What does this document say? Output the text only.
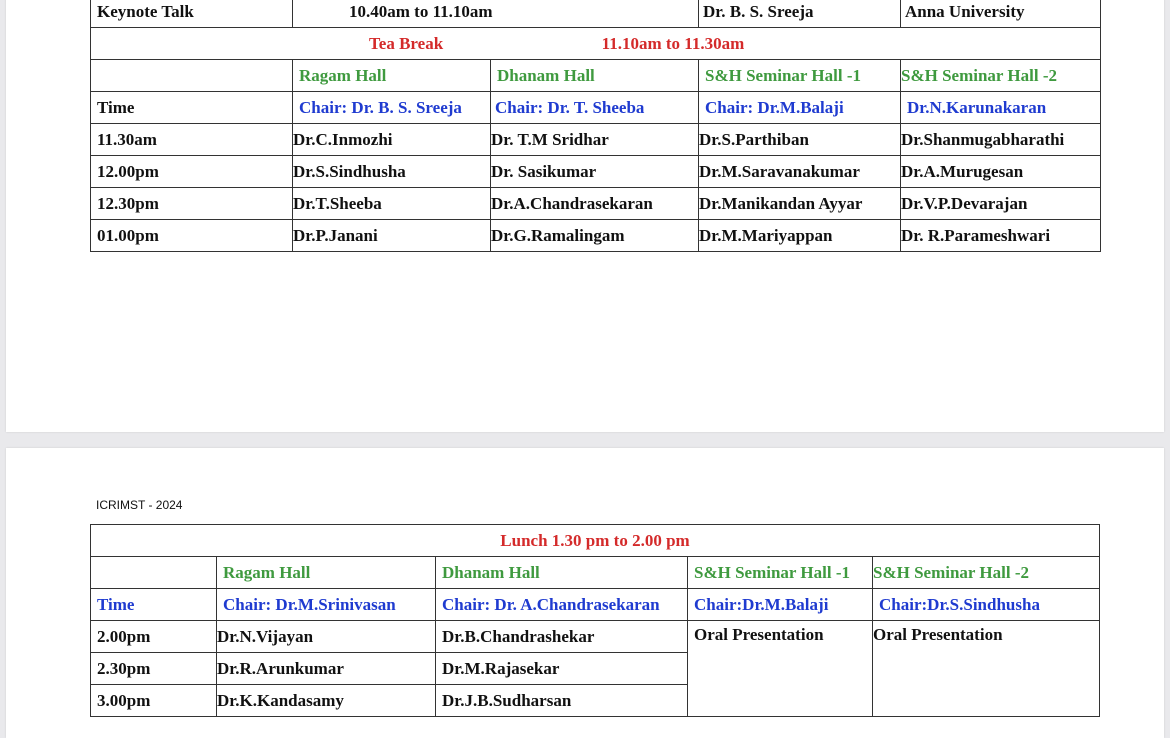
Keynote Talk	10.40am to 11.10am		Dr. B. S. Sreeja	Anna University
Tea Break 11.10am to 11.30am				
	Ragam Hall	Dhanam Hall	S&H Seminar Hall -1	S&H Seminar Hall -2
Time	Chair: Dr. B. S. Sreeja	Chair: Dr. T. Sheeba	Chair: Dr.M.Balaji	Dr.N.Karunakaran
11.30am	Dr.C.Inmozhi	Dr. T.M Sridhar	Dr.S.Parthiban	Dr.Shanmugabharathi
12.00pm	Dr.S.Sindhusha	Dr. Sasikumar	Dr.M.Saravanakumar	Dr.A.Murugesan
12.30pm	Dr.T.Sheeba	Dr.A.Chandrasekaran	Dr.Manikandan Ayyar	Dr.V.P.Devarajan
01.00pm	Dr.P.Janani	Dr.G.Ramalingam	Dr.M.Mariyappan	Dr. R.Parameshwari
ICRIMST - 2024
Lunch 1.30 pm to 2.00 pm				
	Ragam Hall	Dhanam Hall	S&H Seminar Hall -1	S&H Seminar Hall -2
Time	Chair: Dr.M.Srinivasan	Chair: Dr. A.Chandrasekaran	Chair:Dr.M.Balaji	Chair:Dr.S.Sindhusha
2.00pm	Dr.N.Vijayan	Dr.B.Chandrashekar	Oral Presentation	Oral Presentation
2.30pm	Dr.R.Arunkumar	Dr.M.Rajasekar		
3.00pm	Dr.K.Kandasamy	Dr.J.B.Sudharsan		
